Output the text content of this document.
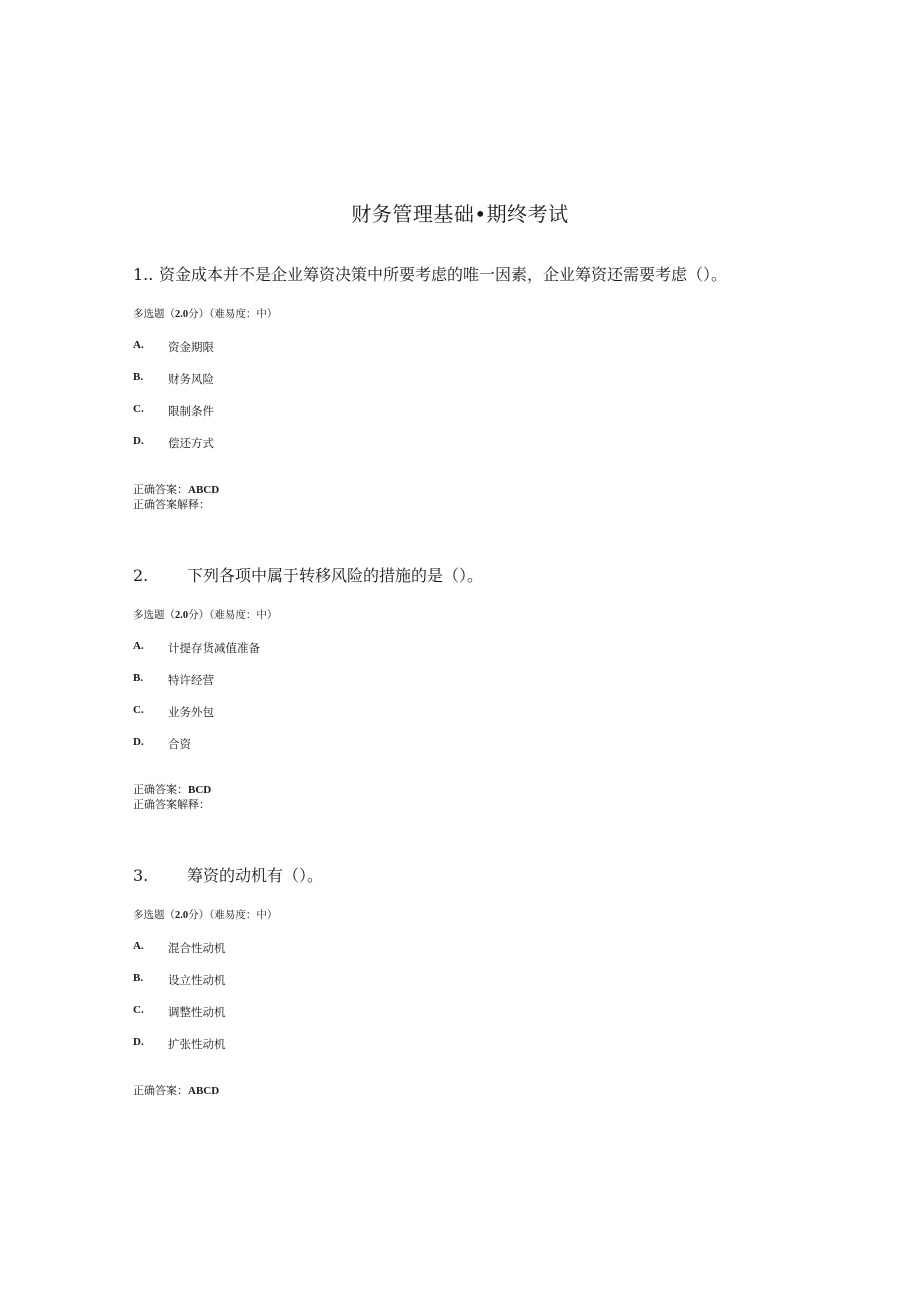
财务管理基础•期终考试
1.. 资金成本并不是企业筹资决策中所要考虑的唯一因素，企业筹资还需要考虑（）。
多选题（2.0分）（难易度：中）
A. 资金期限
B. 财务风险
C. 限制条件
D. 偿还方式
正确答案：ABCD
正确答案解释：
2. 下列各项中属于转移风险的措施的是（）。
多选题（2.0分）（难易度：中）
A. 计提存货减值准备
B. 特许经营
C. 业务外包
D. 合资
正确答案：BCD
正确答案解释：
3. 筹资的动机有（）。
多选题（2.0分）（难易度：中）
A. 混合性动机
B. 设立性动机
C. 调整性动机
D. 扩张性动机
正确答案：ABCD
